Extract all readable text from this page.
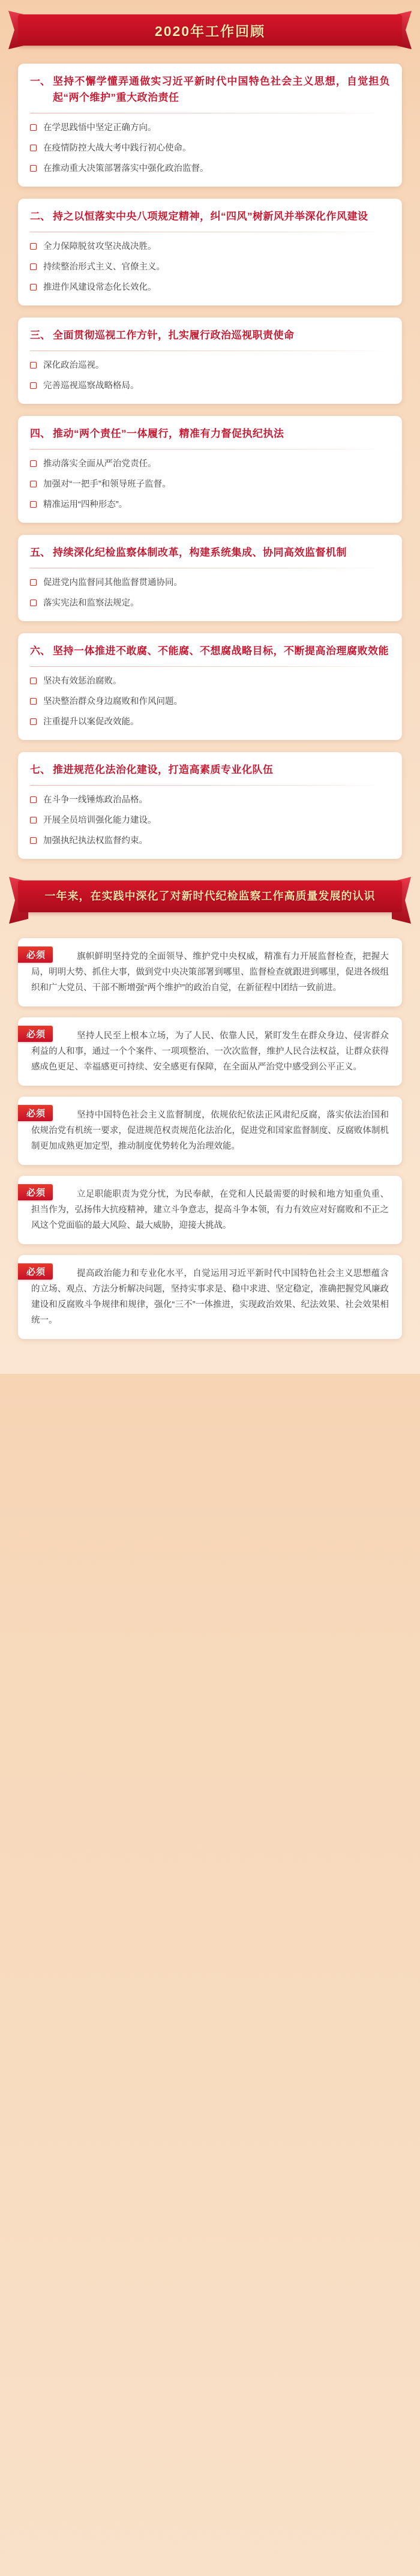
2020年工作回顾
一、 坚持不懈学懂弄通做实习近平新时代中国特色社会主义思想，自觉担负起“两个维护”重大政治责任
在学思践悟中坚定正确方向。
在疫情防控大战大考中践行初心使命。
在推动重大决策部署落实中强化政治监督。
二、 持之以恒落实中央八项规定精神，纠“四风”树新风并举深化作风建设
全力保障脱贫攻坚决战决胜。
持续整治形式主义、官僚主义。
推进作风建设常态化长效化。
三、 全面贯彻巡视工作方针，扎实履行政治巡视职责使命
深化政治巡视。
完善巡视巡察战略格局。
四、 推动“两个责任”一体履行，精准有力督促执纪执法
推动落实全面从严治党责任。
加强对“一把手”和领导班子监督。
精准运用“四种形态”。
五、 持续深化纪检监察体制改革，构建系统集成、协同高效监督机制
促进党内监督同其他监督贯通协同。
落实宪法和监察法规定。
六、 坚持一体推进不敢腐、不能腐、不想腐战略目标，不断提高治理腐败效能
坚决有效惩治腐败。
坚决整治群众身边腐败和作风问题。
注重提升以案促改效能。
七、 推进规范化法治化建设，打造高素质专业化队伍
在斗争一线锤炼政治品格。
开展全员培训强化能力建设。
加强执纪执法权监督约束。
一年来，在实践中深化了对新时代纪检监察工作高质量发展的认识
必须	旗帜鲜明坚持党的全面领导、维护党中央权威，精准有力开展监督检查，把握大局，明明大势、抓住大事，做到党中央决策部署到哪里、监督检查就跟进到哪里，促进各级组织和广大党员、干部不断增强“两个维护”的政治自觉，在新征程中团结一致前进。
必须	坚持人民至上根本立场，为了人民、依靠人民，紧盯发生在群众身边、侵害群众利益的人和事，通过一个个案件、一项项整治、一次次监督，维护人民合法权益，让群众获得感成色更足、幸福感更可持续、安全感更有保障，在全面从严治党中感受到公平正义。
必须	坚持中国特色社会主义监督制度，依规依纪依法正风肃纪反腐，落实依法治国和依规治党有机统一要求，促进规范权责规范化法治化，促进党和国家监督制度、反腐败体制机制更加成熟更加定型，推动制度优势转化为治理效能。
必须	立足职能职责为党分忧，为民奉献，在党和人民最需要的时候和地方知重负重、担当作为，弘扬伟大抗疫精神，建立斗争意志，提高斗争本领，有力有效应对好腐败和不正之风这个党面临的最大风险、最大威胁，迎接大挑战。
必须	提高政治能力和专业化水平，自觉运用习近平新时代中国特色社会主义思想蕴含的立场、观点、方法分析解决问题，坚持实事求是、稳中求进、坚定稳定，准确把握党风廉政建设和反腐败斗争规律和规律，强化“三不”一体推进，实现政治效果、纪法效果、社会效果相统一。
